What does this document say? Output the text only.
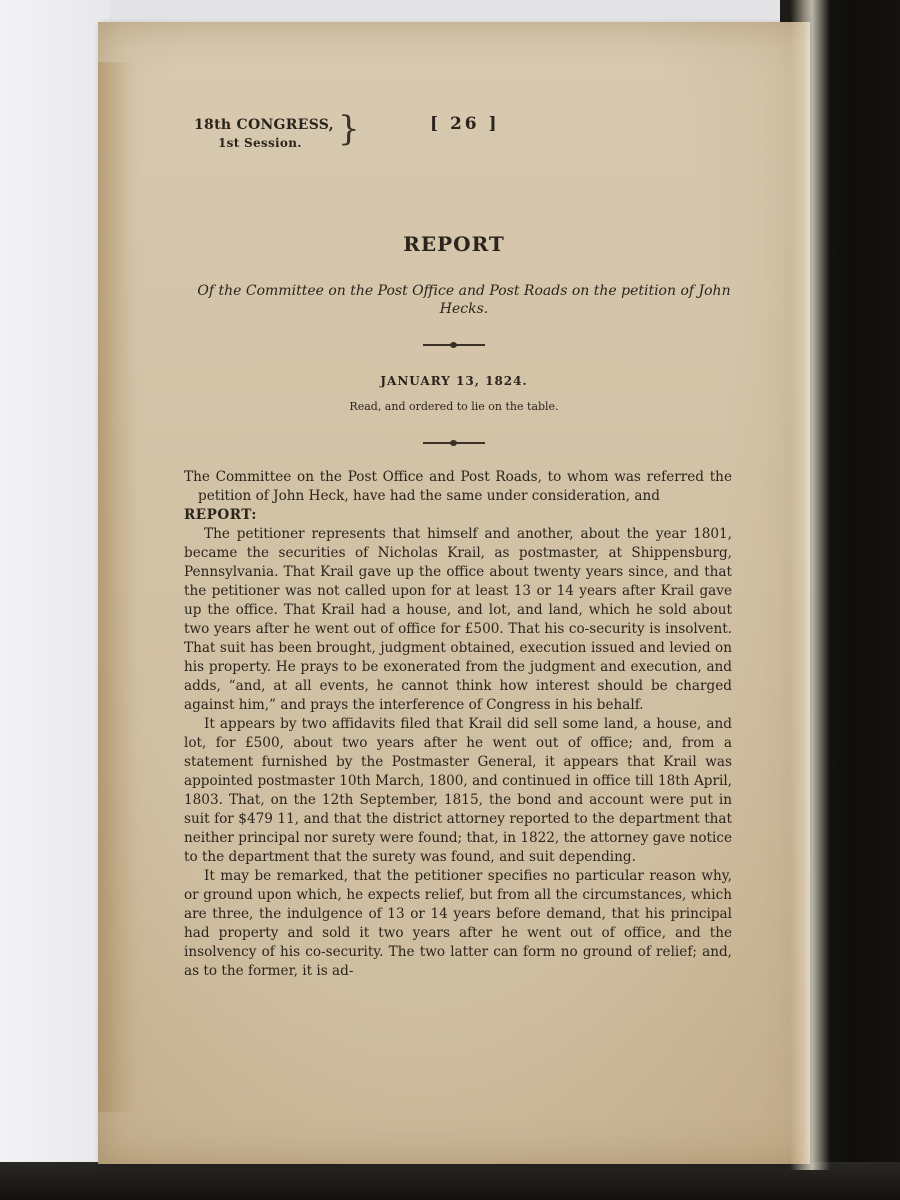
18th CONGRESS,
1st Session.	}	[ 26 ]
REPORT
Of the Committee on the Post Office and Post Roads on the petition of John Hecks.
JANUARY 13, 1824.
Read, and ordered to lie on the table.

The Committee on the Post Office and Post Roads, to whom was referred the petition of John Heck, have had the same under consideration, and

REPORT:

The petitioner represents that himself and another, about the year 1801, became the securities of Nicholas Krail, as postmaster, at Shippensburg, Pennsylvania. That Krail gave up the office about twenty years since, and that the petitioner was not called upon for at least 13 or 14 years after Krail gave up the office. That Krail had a house, and lot, and land, which he sold about two years after he went out of office for £500. That his co-security is insolvent. That suit has been brought, judgment obtained, execution issued and levied on his property. He prays to be exonerated from the judgment and execution, and adds, “and, at all events, he cannot think how interest should be charged against him,” and prays the interference of Congress in his behalf.

It appears by two affidavits filed that Krail did sell some land, a house, and lot, for £500, about two years after he went out of office; and, from a statement furnished by the Postmaster General, it appears that Krail was appointed postmaster 10th March, 1800, and continued in office till 18th April, 1803. That, on the 12th September, 1815, the bond and account were put in suit for $479 11, and that the district attorney reported to the department that neither principal nor surety were found; that, in 1822, the attorney gave notice to the department that the surety was found, and suit depending.

It may be remarked, that the petitioner specifies no particular reason why, or ground upon which, he expects relief, but from all the circumstances, which are three, the indulgence of 13 or 14 years before demand, that his principal had property and sold it two years after he went out of office, and the insolvency of his co-security. The two latter can form no ground of relief; and, as to the former, it is ad-
